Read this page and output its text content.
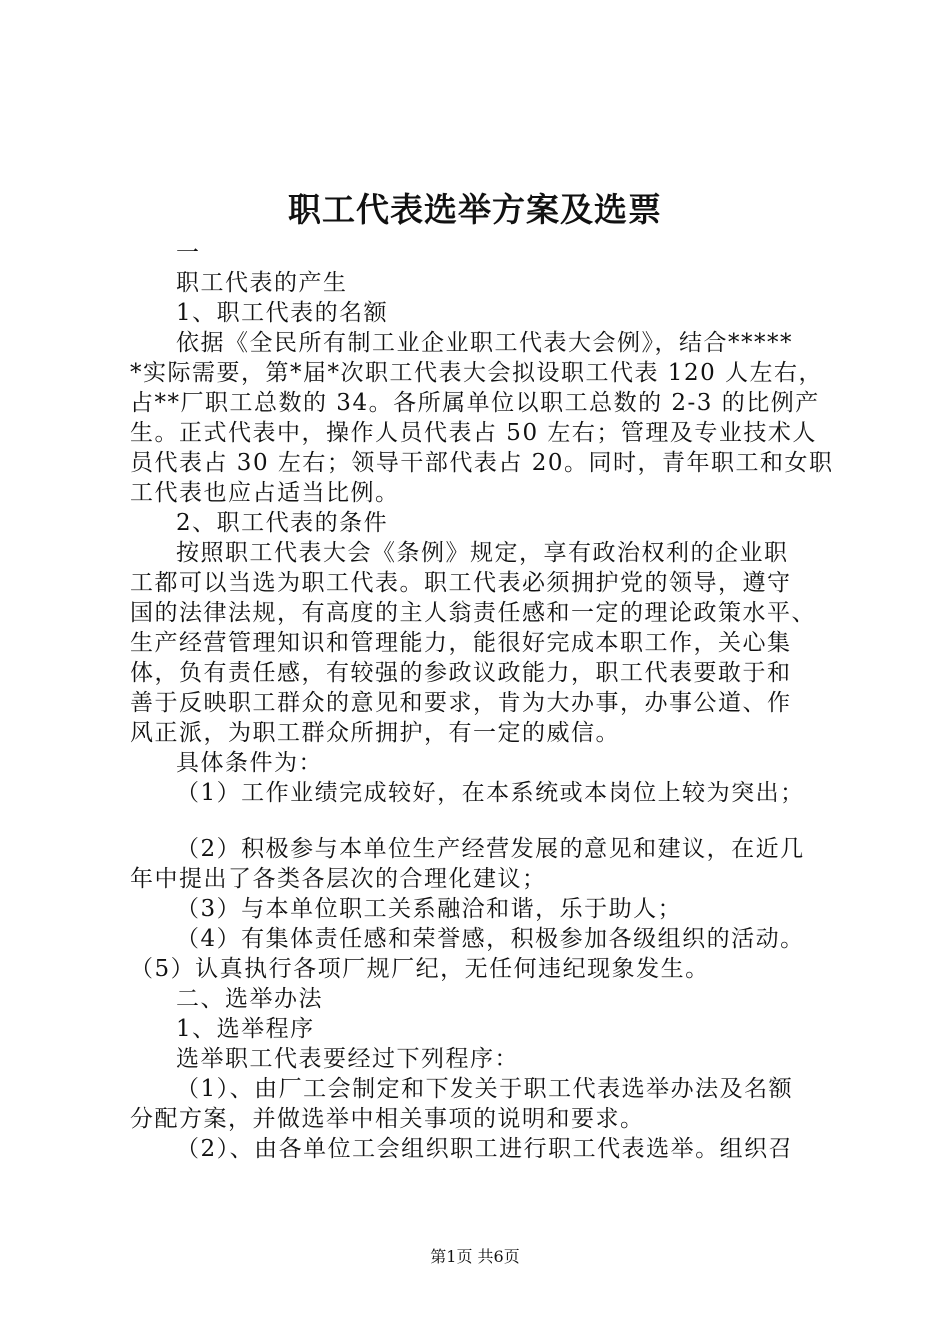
职工代表选举方案及选票
一
职工代表的产生
1、职工代表的名额
依据《全民所有制工业企业职工代表大会例》，结合*****
*实际需要，第*届*次职工代表大会拟设职工代表 120 人左右，
占**厂职工总数的 34。各所属单位以职工总数的 2-3 的比例产
生。正式代表中，操作人员代表占 50 左右；管理及专业技术人
员代表占 30 左右；领导干部代表占 20。同时，青年职工和女职
工代表也应占适当比例。
2、职工代表的条件
按照职工代表大会《条例》规定，享有政治权利的企业职
工都可以当选为职工代表。职工代表必须拥护党的领导，遵守
国的法律法规，有高度的主人翁责任感和一定的理论政策水平、
生产经营管理知识和管理能力，能很好完成本职工作，关心集
体，负有责任感，有较强的参政议政能力，职工代表要敢于和
善于反映职工群众的意见和要求，肯为大办事，办事公道、作
风正派，为职工群众所拥护，有一定的威信。
具体条件为：
（1）工作业绩完成较好，在本系统或本岗位上较为突出；
（2）积极参与本单位生产经营发展的意见和建议，在近几
年中提出了各类各层次的合理化建议；
（3）与本单位职工关系融洽和谐，乐于助人；
（4）有集体责任感和荣誉感，积极参加各级组织的活动。
（5）认真执行各项厂规厂纪，无任何违纪现象发生。
二、选举办法
1、选举程序
选举职工代表要经过下列程序：
（1）、由厂工会制定和下发关于职工代表选举办法及名额
分配方案，并做选举中相关事项的说明和要求。
（2）、由各单位工会组织职工进行职工代表选举。组织召
第1页 共6页
